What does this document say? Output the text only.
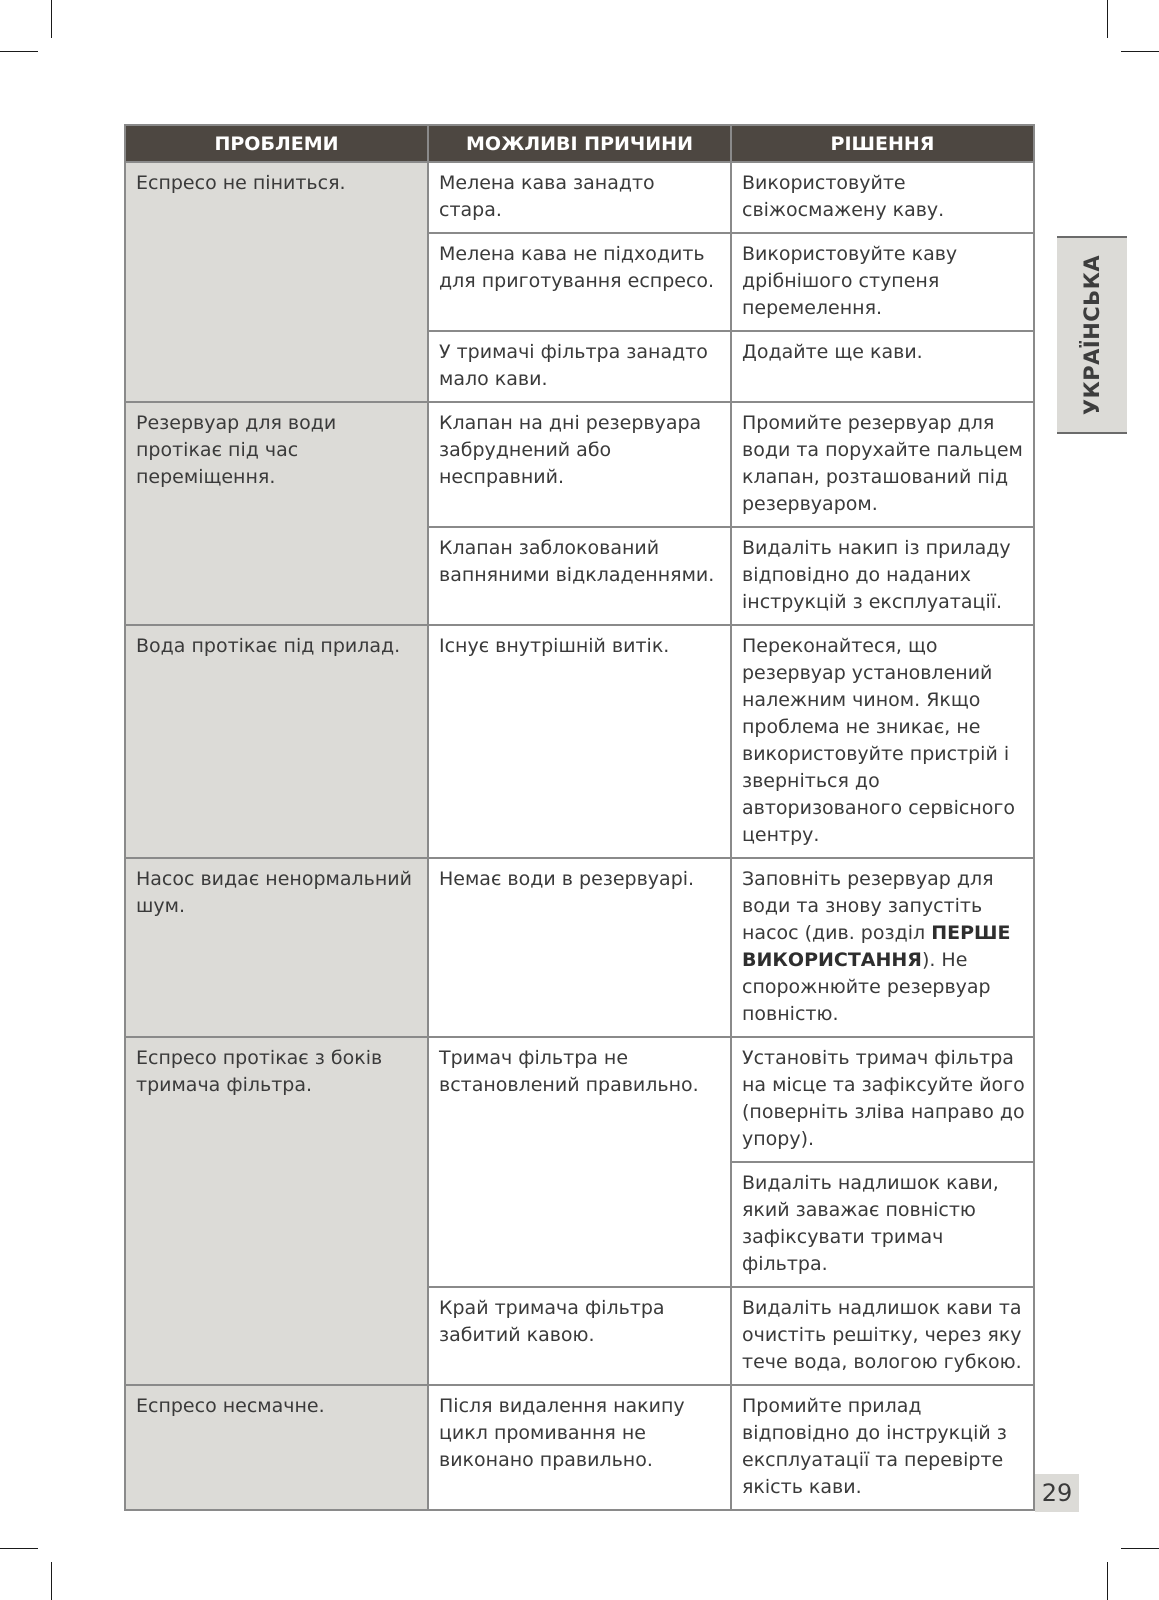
ПРОБЛЕМИ	МОЖЛИВІ ПРИЧИНИ	РІШЕННЯ
Еспресо не піниться.	Мелена кава занадто стара.	Використовуйте свіжосмажену каву.
	Мелена кава не підходить для приготування еспресо.	Використовуйте каву дрібнішого ступеня перемелення.
	У тримачі фільтра занадто мало кави.	Додайте ще кави.
Резервуар для води протікає під час переміщення.	Клапан на дні резервуара забруднений або несправний.	Промийте резервуар для води та поруxайте пальцем клапан, розташований під резервуаром.
	Клапан заблокований вапняними відкладеннями.	Видаліть накип із приладу відповідно до наданих інструкцій з експлуатації.
Вода протікає під прилад.	Існує внутрішній витік.	Переконайтеся, що резервуар установлений належним чином. Якщо проблема не зникає, не використовуйте пристрій і зверніться до авторизованого сервісного центру.
Насос видає ненормальний шум.	Немає води в резервуарі.	Заповніть резервуар для води та знову запустіть насос (див. розділ ПЕРШЕ ВИКОРИСТАННЯ). Не спорожнюйте резервуар повністю.
Еспресо протікає з боків тримача фільтра.	Тримач фільтра не встановлений правильно.	Установіть тримач фільтра на місце та зафіксуйте його (поверніть зліва направо до упору).
		Видаліть надлишок кави, який заважає повністю зафіксувати тримач фільтра.
	Край тримача фільтра забитий кавою.	Видаліть надлишок кави та очистіть решітку, через яку тече вода, вологою губкою.
Еспресо несмачне.	Після видалення накипу цикл промивання не виконано правильно.	Промийте прилад відповідно до інструкцій з експлуатації та перевірте якість кави.
УКРАЇНСЬКА
29
